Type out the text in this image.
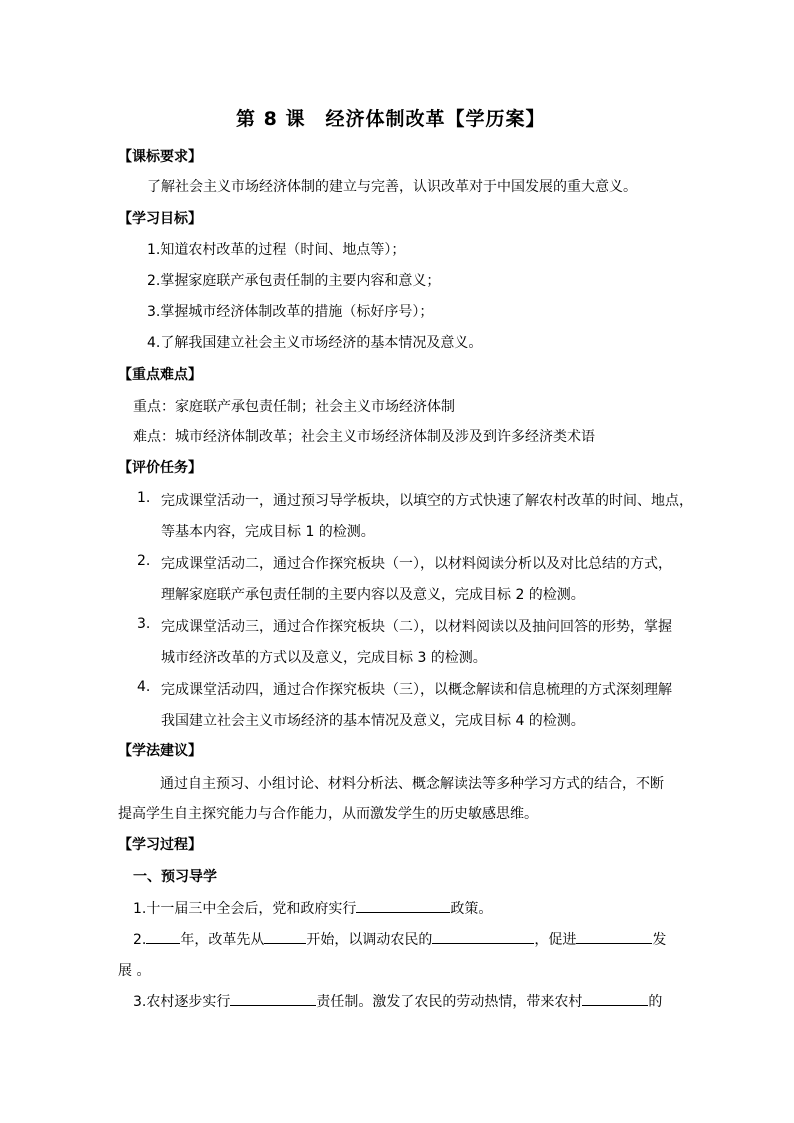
第 8 课　经济体制改革【学历案】
【课标要求】
了解社会主义市场经济体制的建立与完善，认识改革对于中国发展的重大意义。
【学习目标】
1.知道农村改革的过程（时间、地点等）；
2.掌握家庭联产承包责任制的主要内容和意义；
3.掌握城市经济体制改革的措施（标好序号）；
4.了解我国建立社会主义市场经济的基本情况及意义。
【重点难点】
重点：家庭联产承包责任制；社会主义市场经济体制
难点：城市经济体制改革；社会主义市场经济体制及涉及到许多经济类术语
【评价任务】
1. 完成课堂活动一，通过预习导学板块，以填空的方式快速了解农村改革的时间、地点，
等基本内容，完成目标 1 的检测。
2. 完成课堂活动二，通过合作探究板块（一），以材料阅读分析以及对比总结的方式，
理解家庭联产承包责任制的主要内容以及意义，完成目标 2 的检测。
3. 完成课堂活动三，通过合作探究板块（二），以材料阅读以及抽问回答的形势，掌握
城市经济改革的方式以及意义，完成目标 3 的检测。
4. 完成课堂活动四，通过合作探究板块（三），以概念解读和信息梳理的方式深刻理解
我国建立社会主义市场经济的基本情况及意义，完成目标 4 的检测。
【学法建议】
通过自主预习、小组讨论、材料分析法、概念解读法等多种学习方式的结合，不断
提高学生自主探究能力与合作能力，从而激发学生的历史敏感思维。
【学习过程】
一、预习导学
1.十一届三中全会后，党和政府实行	政策。
2. 年，改革先从	开始，以调动农民的	，促进	发
展 。
3.农村逐步实行	责任制。激发了农民的劳动热情，带来农村	的
